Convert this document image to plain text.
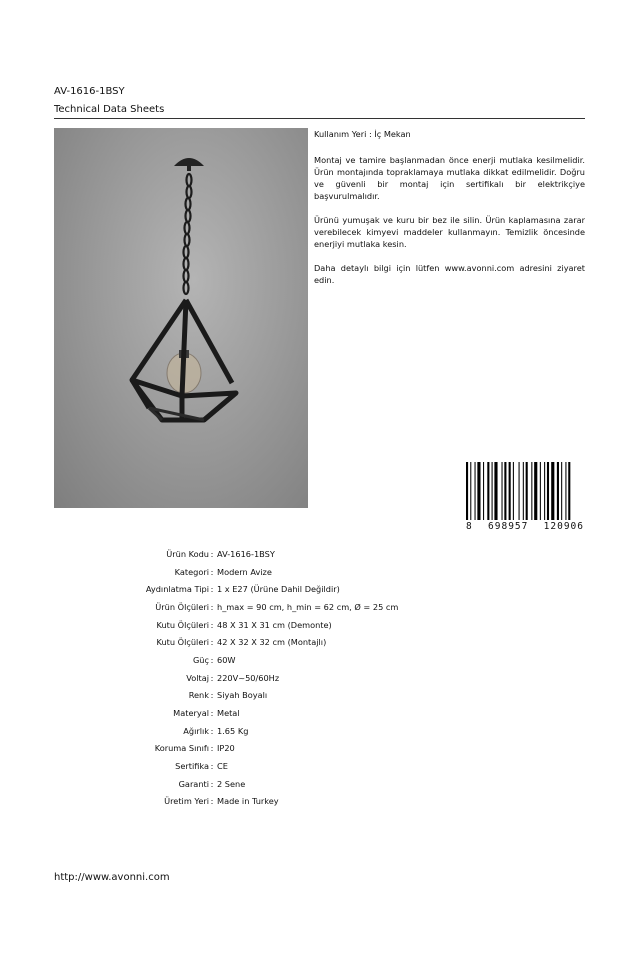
AV-1616-1BSY
Technical Data Sheets

Kullanım Yeri : İç Mekan

Montaj ve tamire başlanmadan önce enerji mutlaka kesilmelidir. Ürün montajında topraklamaya mutlaka dikkat edilmelidir. Doğru ve güvenli bir montaj için sertifikalı bir elektrikçiye başvurulmalıdır.

Ürünü yumuşak ve kuru bir bez ile silin. Ürün kaplamasına zarar verebilecek kimyevi maddeler kullanmayın. Temizlik öncesinde enerjiyi mutlaka kesin.

Daha detaylı bilgi için lütfen www.avonni.com adresini ziyaret edin.

8 698957 120906
Ürün Kodu : AV-1616-1BSY
Kategori : Modern Avize
Aydınlatma Tipi : 1 x E27 (Ürüne Dahil Değildir)
Ürün Ölçüleri : h_max = 90 cm, h_min = 62 cm, Ø = 25 cm
Kutu Ölçüleri : 48 X 31 X 31 cm (Demonte)
Kutu Ölçüleri : 42 X 32 X 32 cm (Montajlı)
Güç : 60W
Voltaj : 220V~50/60Hz
Renk : Siyah Boyalı
Materyal : Metal
Ağırlık : 1.65 Kg
Koruma Sınıfı : IP20
Sertifika : CE
Garanti : 2 Sene
Üretim Yeri : Made in Turkey
http://www.avonni.com
